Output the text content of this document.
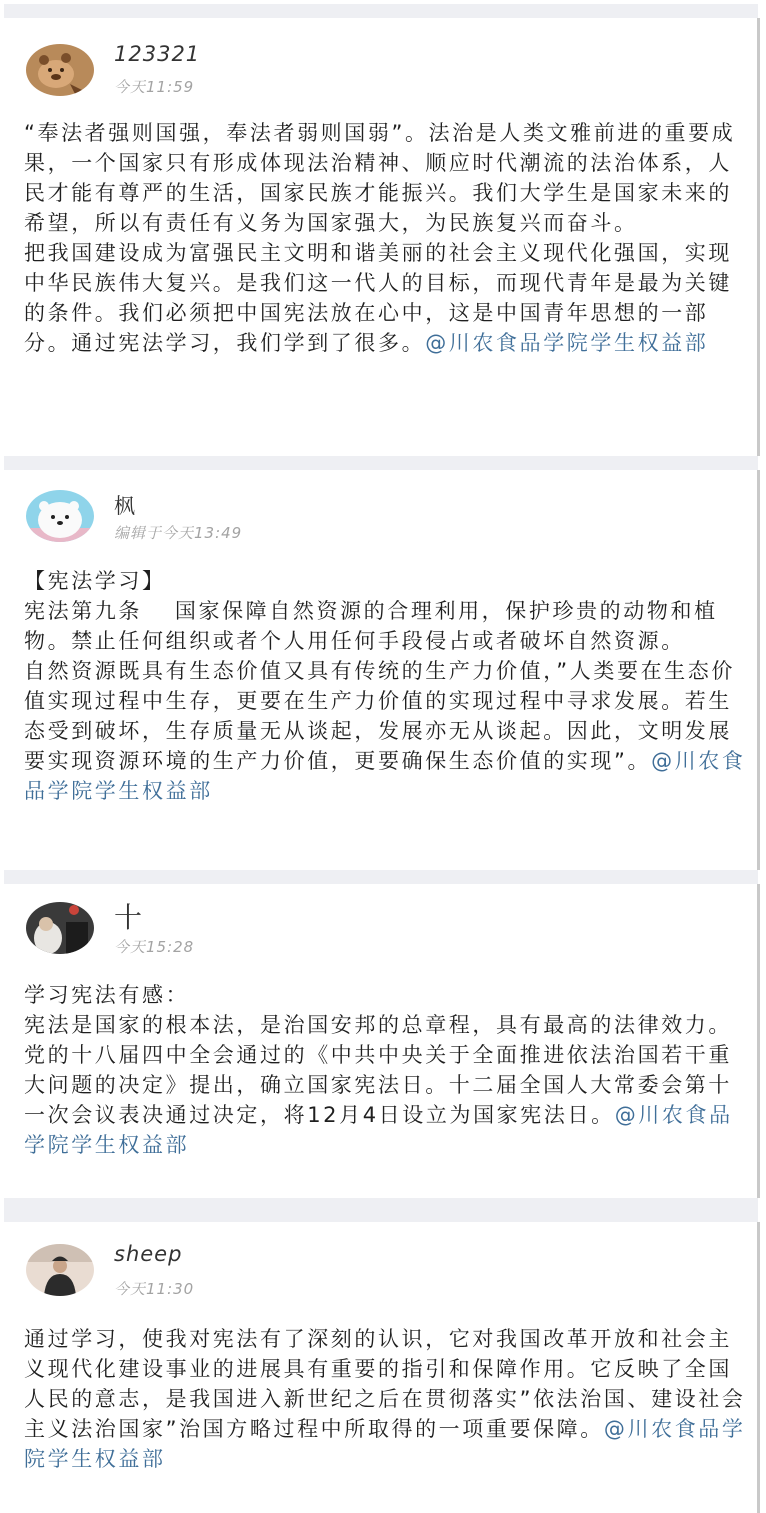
123321
今天11:59
“奉法者强则国强，奉法者弱则国弱”。法治是人类文雅前进的重要成果，一个国家只有形成体现法治精神、顺应时代潮流的法治体系，人民才能有尊严的生活，国家民族才能振兴。我们大学生是国家未来的希望，所以有责任有义务为国家强大，为民族复兴而奋斗。
把我国建设成为富强民主文明和谐美丽的社会主义现代化强国，实现中华民族伟大复兴。是我们这一代人的目标，而现代青年是最为关键的条件。我们必须把中国宪法放在心中，这是中国青年思想的一部分。通过宪法学习，我们学到了很多。@川农食品学院学生权益部
枫
编辑于今天13:49
【宪法学习】
宪法第九条　 国家保障自然资源的合理利用，保护珍贵的动物和植物。禁止任何组织或者个人用任何手段侵占或者破坏自然资源。
自然资源既具有生态价值又具有传统的生产力价值，”人类要在生态价值实现过程中生存，更要在生产力价值的实现过程中寻求发展。若生态受到破坏，生存质量无从谈起，发展亦无从谈起。因此，文明发展要实现资源环境的生产力价值，更要确保生态价值的实现”。@川农食品学院学生权益部
十
今天15:28
学习宪法有感：
宪法是国家的根本法，是治国安邦的总章程，具有最高的法律效力。党的十八届四中全会通过的《中共中央关于全面推进依法治国若干重大问题的决定》提出，确立国家宪法日。十二届全国人大常委会第十一次会议表决通过决定，将12月4日设立为国家宪法日。@川农食品学院学生权益部
sheep
今天11:30
通过学习，使我对宪法有了深刻的认识，它对我国改革开放和社会主义现代化建设事业的进展具有重要的指引和保障作用。它反映了全国人民的意志，是我国进入新世纪之后在贯彻落实”依法治国、建设社会主义法治国家”治国方略过程中所取得的一项重要保障。@川农食品学院学生权益部
